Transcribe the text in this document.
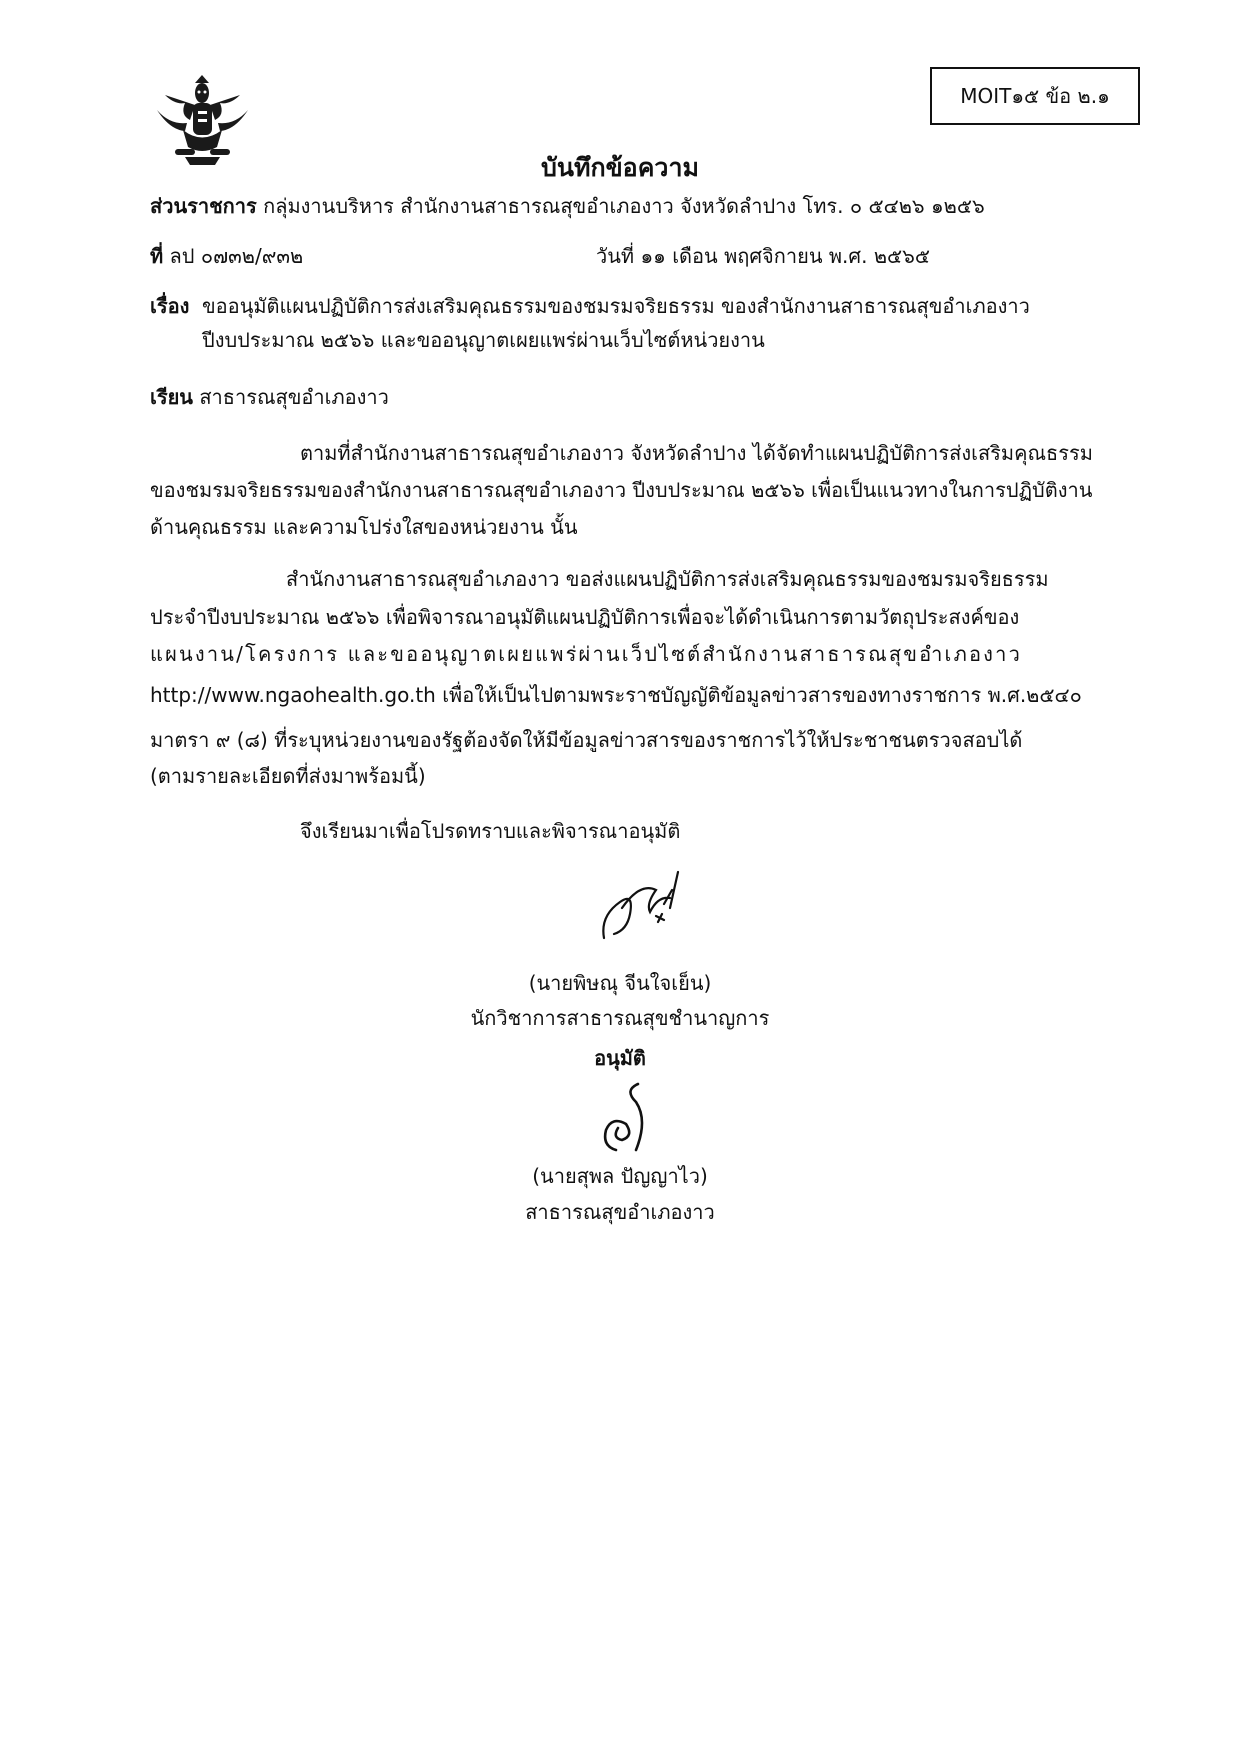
MOIT๑๕ ข้อ ๒.๑
บันทึกข้อความ
ส่วนราชการ กลุ่มงานบริหาร สำนักงานสาธารณสุขอำเภองาว จังหวัดลำปาง โทร. ๐ ๕๔๒๖ ๑๒๕๖
ที่ ลป ๐๗๓๒/๙๓๒	วันที่ ๑๑ เดือน พฤศจิกายน พ.ศ. ๒๕๖๕
เรื่อง ขออนุมัติแผนปฏิบัติการส่งเสริมคุณธรรมของชมรมจริยธรรม ของสำนักงานสาธารณสุขอำเภองาว
ปีงบประมาณ ๒๕๖๖ และขออนุญาตเผยแพร่ผ่านเว็บไซต์หน่วยงาน
เรียน สาธารณสุขอำเภองาว
ตามที่สำนักงานสาธารณสุขอำเภองาว จังหวัดลำปาง ได้จัดทำแผนปฏิบัติการส่งเสริมคุณธรรม
ของชมรมจริยธรรมของสำนักงานสาธารณสุขอำเภองาว ปีงบประมาณ ๒๕๖๖ เพื่อเป็นแนวทางในการปฏิบัติงาน
ด้านคุณธรรม และความโปร่งใสของหน่วยงาน นั้น
สำนักงานสาธารณสุขอำเภองาว ขอส่งแผนปฏิบัติการส่งเสริมคุณธรรมของชมรมจริยธรรม
ประจำปีงบประมาณ ๒๕๖๖ เพื่อพิจารณาอนุมัติแผนปฏิบัติการเพื่อจะได้ดำเนินการตามวัตถุประสงค์ของ
แผนงาน/โครงการ และขออนุญาตเผยแพร่ผ่านเว็ปไซต์สำนักงานสาธารณสุขอำเภองาว
http://www.ngaohealth.go.th เพื่อให้เป็นไปตามพระราชบัญญัติข้อมูลข่าวสารของทางราชการ พ.ศ.๒๕๔๐
มาตรา ๙ (๘) ที่ระบุหน่วยงานของรัฐต้องจัดให้มีข้อมูลข่าวสารของราชการไว้ให้ประชาชนตรวจสอบได้
(ตามรายละเอียดที่ส่งมาพร้อมนี้)
จึงเรียนมาเพื่อโปรดทราบและพิจารณาอนุมัติ
(นายพิษณุ จีนใจเย็น)
นักวิชาการสาธารณสุขชำนาญการ
อนุมัติ
(นายสุพล ปัญญาไว)
สาธารณสุขอำเภองาว
